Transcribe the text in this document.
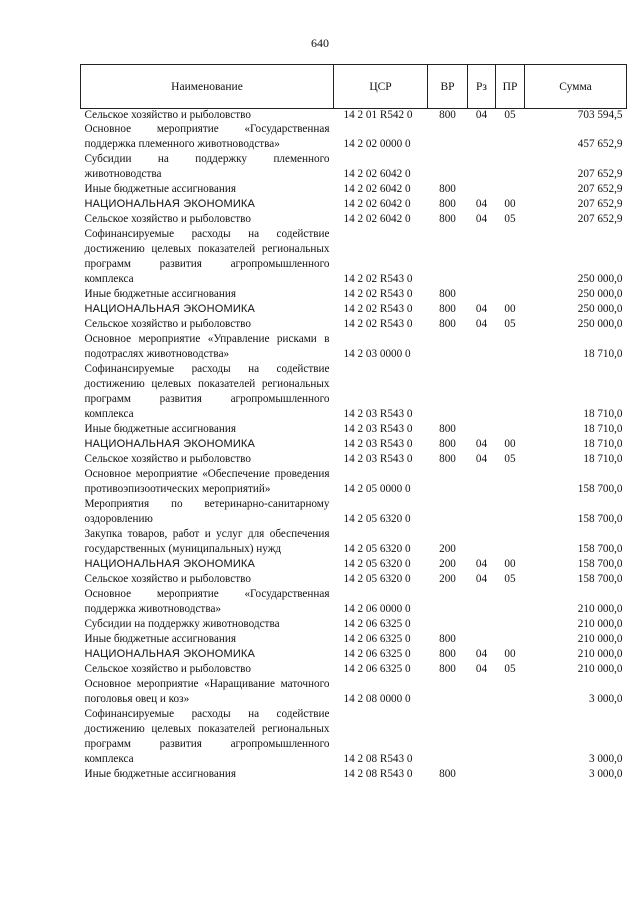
640
Наименование	ЦСР	ВР	Рз	ПР	Сумма
Сельское хозяйство и рыболовство	14 2 01 R542 0	800	04	05	703 594,5
Основное мероприятие «Государственная поддержка племенного животноводства»	14 2 02 0000 0				457 652,9
Субсидии на поддержку племенного животноводства	14 2 02 6042 0				207 652,9
Иные бюджетные ассигнования	14 2 02 6042 0	800			207 652,9
НАЦИОНАЛЬНАЯ ЭКОНОМИКА	14 2 02 6042 0	800	04	00	207 652,9
Сельское хозяйство и рыболовство	14 2 02 6042 0	800	04	05	207 652,9
Софинансируемые расходы на содействие достижению целевых показателей региональных программ развития агропромышленного комплекса	14 2 02 R543 0				250 000,0
Иные бюджетные ассигнования	14 2 02 R543 0	800			250 000,0
НАЦИОНАЛЬНАЯ ЭКОНОМИКА	14 2 02 R543 0	800	04	00	250 000,0
Сельское хозяйство и рыболовство	14 2 02 R543 0	800	04	05	250 000,0
Основное мероприятие «Управление рисками в подотраслях животноводства»	14 2 03 0000 0				18 710,0
Софинансируемые расходы на содействие достижению целевых показателей региональных программ развития агропромышленного комплекса	14 2 03 R543 0				18 710,0
Иные бюджетные ассигнования	14 2 03 R543 0	800			18 710,0
НАЦИОНАЛЬНАЯ ЭКОНОМИКА	14 2 03 R543 0	800	04	00	18 710,0
Сельское хозяйство и рыболовство	14 2 03 R543 0	800	04	05	18 710,0
Основное мероприятие «Обеспечение проведения противоэпизоотических мероприятий»	14 2 05 0000 0				158 700,0
Мероприятия по ветеринарно-санитарному оздоровлению	14 2 05 6320 0				158 700,0
Закупка товаров, работ и услуг для обеспечения государственных (муниципальных) нужд	14 2 05 6320 0	200			158 700,0
НАЦИОНАЛЬНАЯ ЭКОНОМИКА	14 2 05 6320 0	200	04	00	158 700,0
Сельское хозяйство и рыболовство	14 2 05 6320 0	200	04	05	158 700,0
Основное мероприятие «Государственная поддержка животноводства»	14 2 06 0000 0				210 000,0
Субсидии на поддержку животноводства	14 2 06 6325 0				210 000,0
Иные бюджетные ассигнования	14 2 06 6325 0	800			210 000,0
НАЦИОНАЛЬНАЯ ЭКОНОМИКА	14 2 06 6325 0	800	04	00	210 000,0
Сельское хозяйство и рыболовство	14 2 06 6325 0	800	04	05	210 000,0
Основное мероприятие «Наращивание маточного поголовья овец и коз»	14 2 08 0000 0				3 000,0
Софинансируемые расходы на содействие достижению целевых показателей региональных программ развития агропромышленного комплекса	14 2 08 R543 0				3 000,0
Иные бюджетные ассигнования	14 2 08 R543 0	800			3 000,0
